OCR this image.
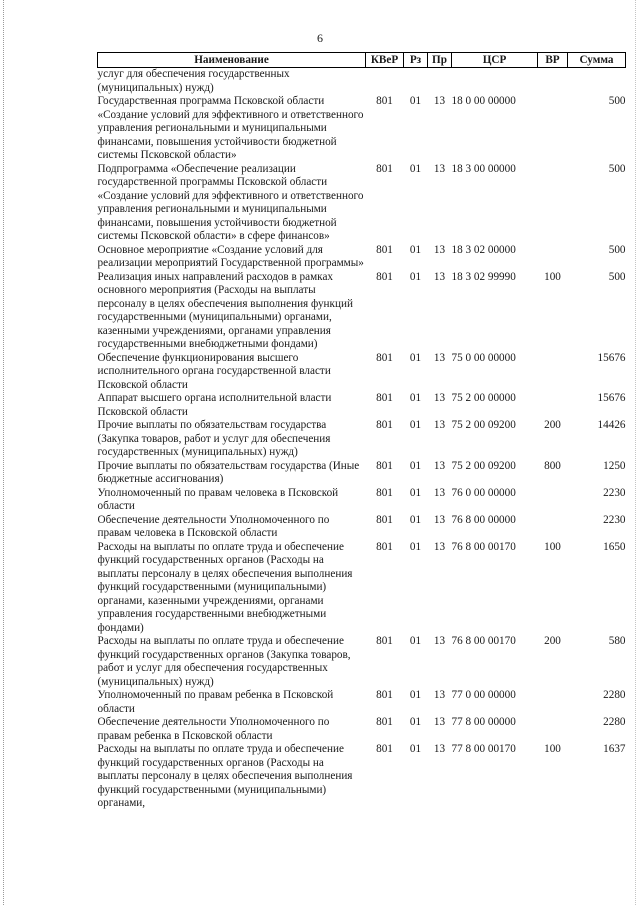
6
Наименование	КВеР	Рз	Пр	ЦСР	ВР	Сумма
услуг для обеспечения государственных (муниципальных) нужд)						
Государственная программа Псковской области «Создание условий для эффективного и ответственного управления региональными и муниципальными финансами, повышения устойчивости бюджетной системы Псковской области»	801	01	13	18 0 00 00000		500
Подпрограмма «Обеспечение реализации государственной программы Псковской области «Создание условий для эффективного и ответственного управления региональными и муниципальными финансами, повышения устойчивости бюджетной системы Псковской области» в сфере финансов»	801	01	13	18 3 00 00000		500
Основное мероприятие «Создание условий для реализации мероприятий Государственной программы»	801	01	13	18 3 02 00000		500
Реализация иных направлений расходов в рамках основного мероприятия (Расходы на выплаты персоналу в целях обеспечения выполнения функций государственными (муниципальными) органами, казенными учреждениями, органами управления государственными внебюджетными фондами)	801	01	13	18 3 02 99990	100	500
Обеспечение функционирования высшего исполнительного органа государственной власти Псковской области	801	01	13	75 0 00 00000		15676
Аппарат высшего органа исполнительной власти Псковской области	801	01	13	75 2 00 00000		15676
Прочие выплаты по обязательствам государства (Закупка товаров, работ и услуг для обеспечения государственных (муниципальных) нужд)	801	01	13	75 2 00 09200	200	14426
Прочие выплаты по обязательствам государства (Иные бюджетные ассигнования)	801	01	13	75 2 00 09200	800	1250
Уполномоченный по правам человека в Псковской области	801	01	13	76 0 00 00000		2230
Обеспечение деятельности Уполномоченного по правам человека в Псковской области	801	01	13	76 8 00 00000		2230
Расходы на выплаты по оплате труда и обеспечение функций государственных органов (Расходы на выплаты персоналу в целях обеспечения выполнения функций государственными (муниципальными) органами, казенными учреждениями, органами управления государственными внебюджетными фондами)	801	01	13	76 8 00 00170	100	1650
Расходы на выплаты по оплате труда и обеспечение функций государственных органов (Закупка товаров, работ и услуг для обеспечения государственных (муниципальных) нужд)	801	01	13	76 8 00 00170	200	580
Уполномоченный по правам ребенка в Псковской области	801	01	13	77 0 00 00000		2280
Обеспечение деятельности Уполномоченного по правам ребенка в Псковской области	801	01	13	77 8 00 00000		2280
Расходы на выплаты по оплате труда и обеспечение функций государственных органов (Расходы на выплаты персоналу в целях обеспечения выполнения функций государственными (муниципальными) органами,	801	01	13	77 8 00 00170	100	1637
